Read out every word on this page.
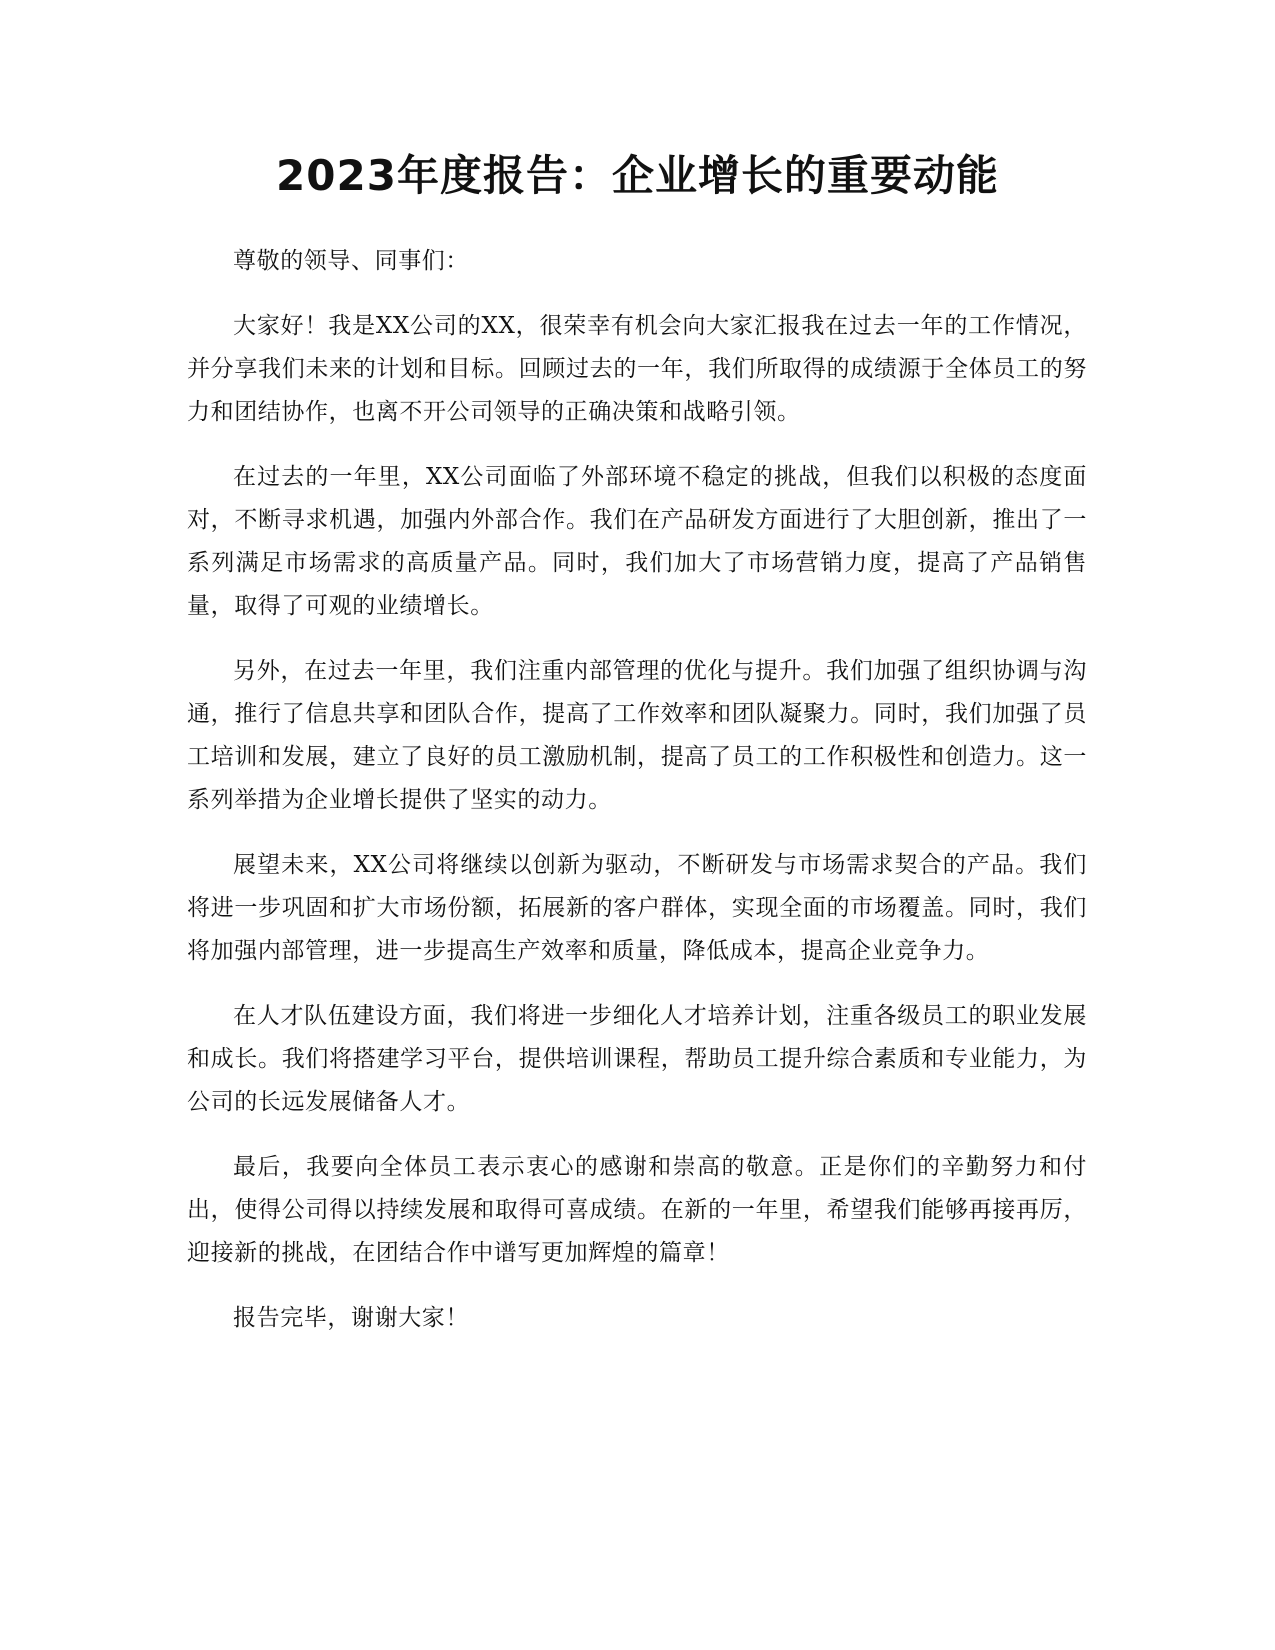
2023年度报告：企业增长的重要动能

尊敬的领导、同事们：

大家好！我是XX公司的XX，很荣幸有机会向大家汇报我在过去一年的工作情况，并分享我们未来的计划和目标。回顾过去的一年，我们所取得的成绩源于全体员工的努力和团结协作，也离不开公司领导的正确决策和战略引领。

在过去的一年里，XX公司面临了外部环境不稳定的挑战，但我们以积极的态度面对，不断寻求机遇，加强内外部合作。我们在产品研发方面进行了大胆创新，推出了一系列满足市场需求的高质量产品。同时，我们加大了市场营销力度，提高了产品销售量，取得了可观的业绩增长。

另外，在过去一年里，我们注重内部管理的优化与提升。我们加强了组织协调与沟通，推行了信息共享和团队合作，提高了工作效率和团队凝聚力。同时，我们加强了员工培训和发展，建立了良好的员工激励机制，提高了员工的工作积极性和创造力。这一系列举措为企业增长提供了坚实的动力。

展望未来，XX公司将继续以创新为驱动，不断研发与市场需求契合的产品。我们将进一步巩固和扩大市场份额，拓展新的客户群体，实现全面的市场覆盖。同时，我们将加强内部管理，进一步提高生产效率和质量，降低成本，提高企业竞争力。

在人才队伍建设方面，我们将进一步细化人才培养计划，注重各级员工的职业发展和成长。我们将搭建学习平台，提供培训课程，帮助员工提升综合素质和专业能力，为公司的长远发展储备人才。

最后，我要向全体员工表示衷心的感谢和崇高的敬意。正是你们的辛勤努力和付出，使得公司得以持续发展和取得可喜成绩。在新的一年里，希望我们能够再接再厉，迎接新的挑战，在团结合作中谱写更加辉煌的篇章！

报告完毕，谢谢大家！
